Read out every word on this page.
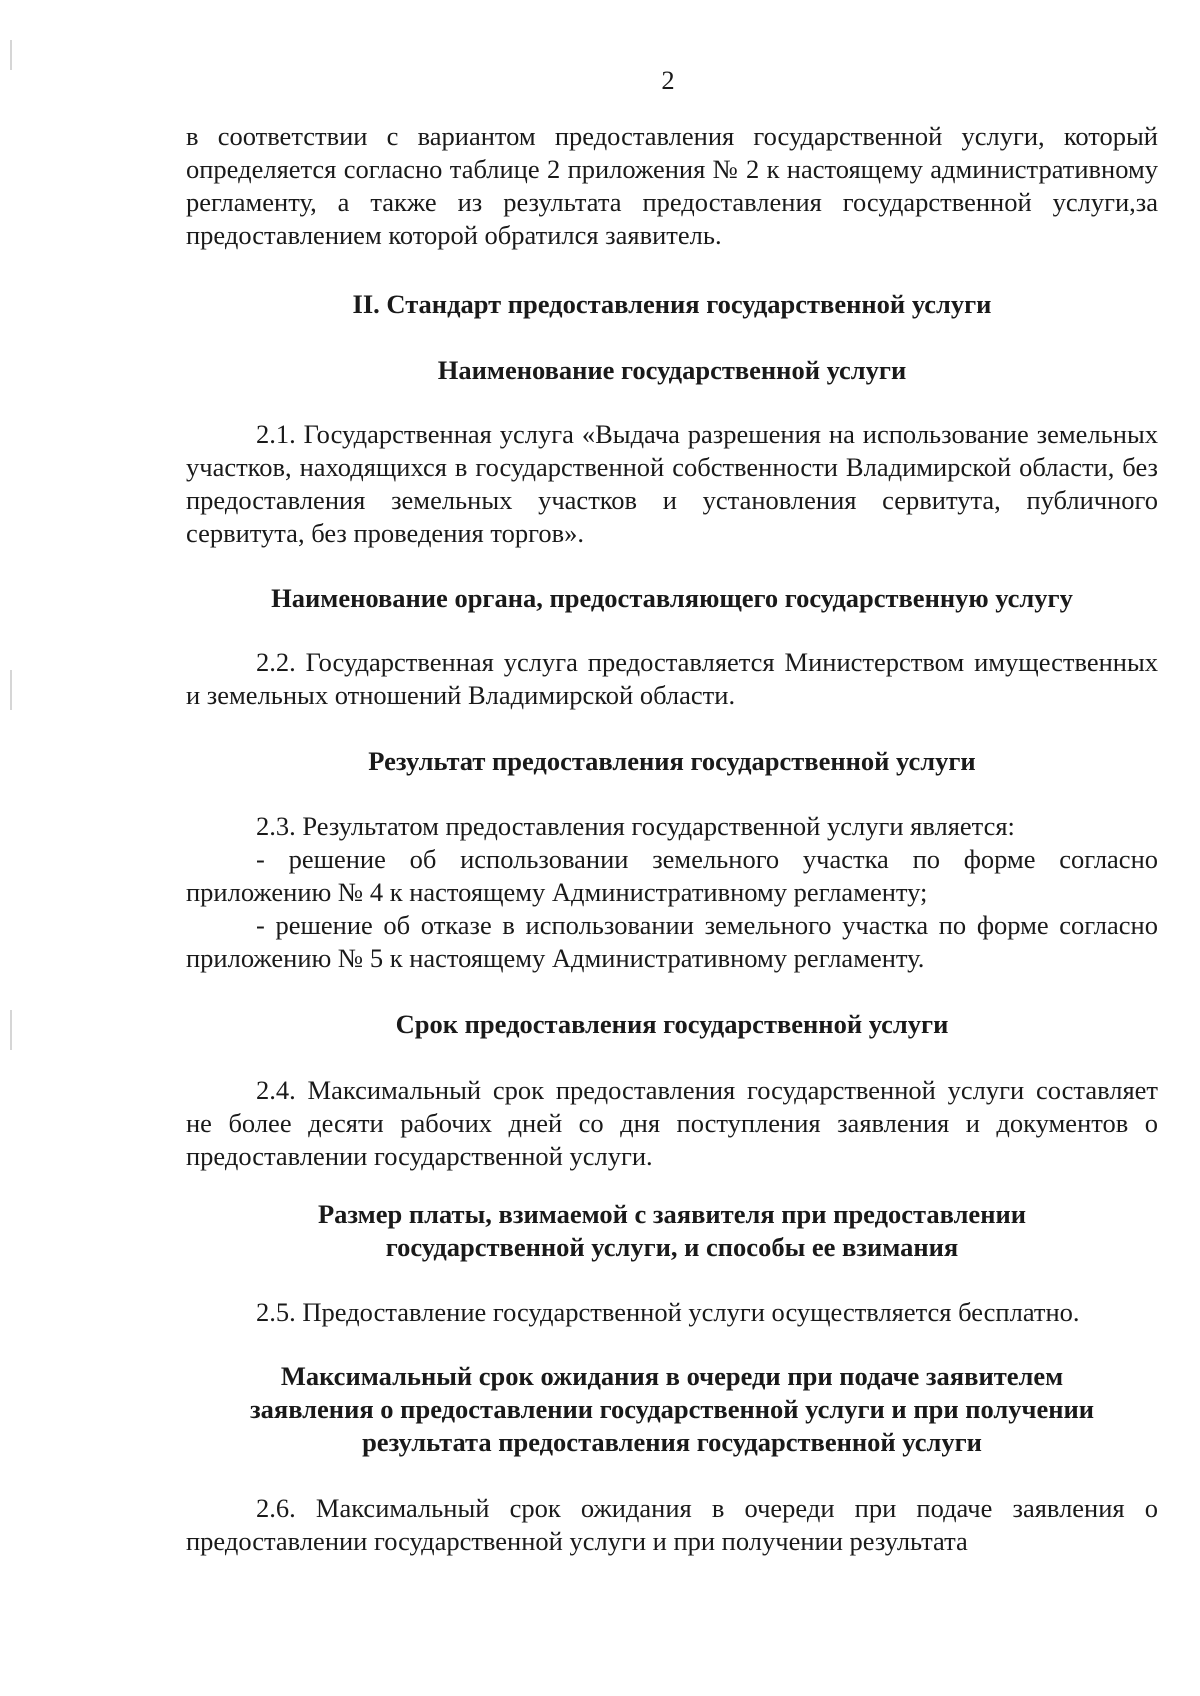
2

в соответствии с вариантом предоставления государственной услуги, который определяется согласно таблице 2 приложения № 2 к настоящему административному регламенту, а также из результата предоставления государственной услуги,за предоставлением которой обратился заявитель.

II. Стандарт предоставления государственной услуги

Наименование государственной услуги

2.1. Государственная услуга «Выдача разрешения на использование земельных участков, находящихся в государственной собственности Владимирской области, без предоставления земельных участков и установления сервитута, публичного сервитута, без проведения торгов».

Наименование органа, предоставляющего государственную услугу

2.2. Государственная услуга предоставляется Министерством имущественных и земельных отношений Владимирской области.

Результат предоставления государственной услуги

2.3. Результатом предоставления государственной услуги является:

- решение об использовании земельного участка по форме согласно приложению № 4 к настоящему Административному регламенту;

- решение об отказе в использовании земельного участка по форме согласно приложению № 5 к настоящему Административному регламенту.

Срок предоставления государственной услуги

2.4. Максимальный срок предоставления государственной услуги составляет не более десяти рабочих дней со дня поступления заявления и документов о предоставлении государственной услуги.

Размер платы, взимаемой с заявителя при предоставлении
государственной услуги, и способы ее взимания

2.5. Предоставление государственной услуги осуществляется бесплатно.

Максимальный срок ожидания в очереди при подаче заявителем
заявления о предоставлении государственной услуги и при получении
результата предоставления государственной услуги

2.6. Максимальный срок ожидания в очереди при подаче заявления о предоставлении государственной услуги и при получении результата
